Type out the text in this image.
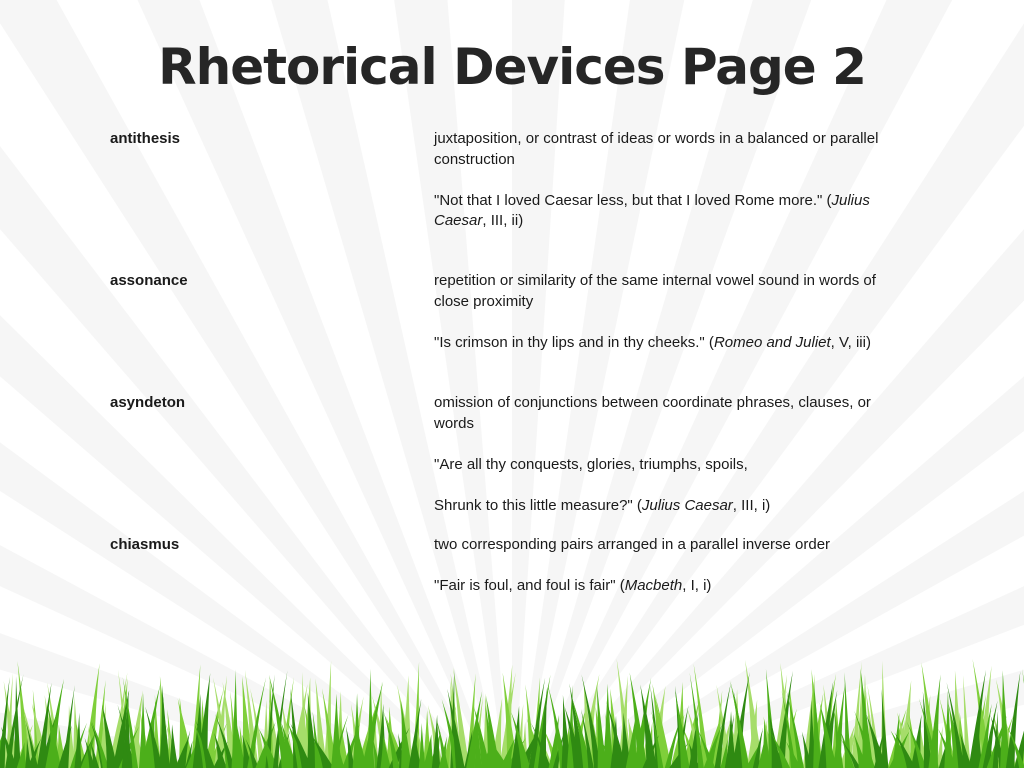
Rhetorical Devices Page 2
antithesis	juxtaposition, or contrast of ideas or words in a balanced or parallel construction

"Not that I loved Caesar less, but that I loved Rome more." (Julius Caesar, III, ii)

assonance	repetition or similarity of the same internal vowel sound in words of close proximity

"Is crimson in thy lips and in thy cheeks." (Romeo and Juliet, V, iii)

asyndeton	omission of conjunctions between coordinate phrases, clauses, or words

"Are all thy conquests, glories, triumphs, spoils,

Shrunk to this little measure?" (Julius Caesar, III, i)

chiasmus	two corresponding pairs arranged in a parallel inverse order

"Fair is foul, and foul is fair" (Macbeth, I, i)
